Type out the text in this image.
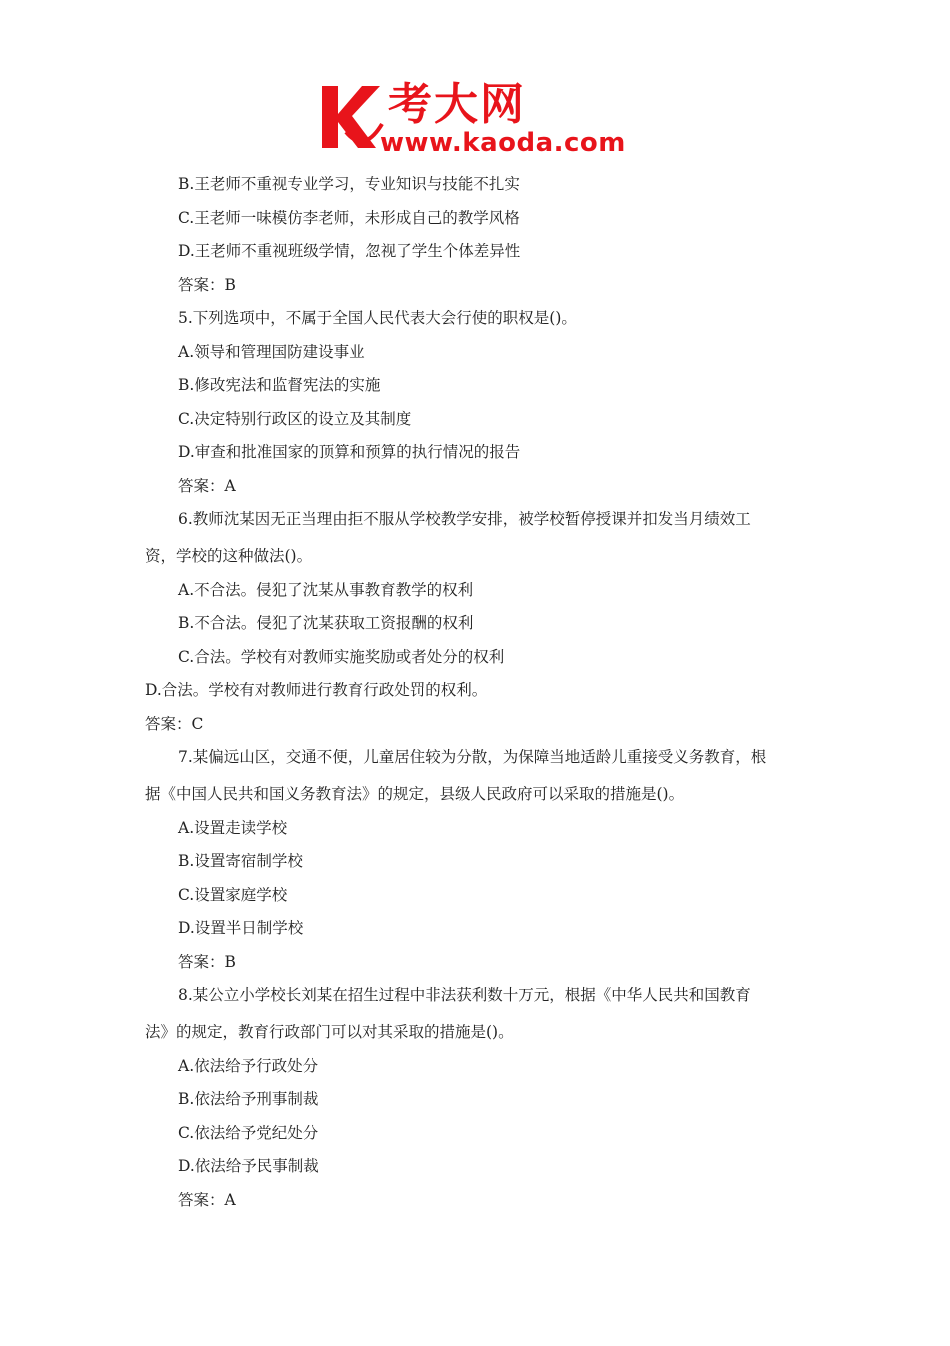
考大网
www.kaoda.com
B.王老师不重视专业学习，专业知识与技能不扎实
C.王老师一味模仿李老师，未形成自己的教学风格
D.王老师不重视班级学情，忽视了学生个体差异性
答案：B
5.下列选项中，不属于全国人民代表大会行使的职权是()。
A.领导和管理国防建设事业
B.修改宪法和监督宪法的实施
C.决定特别行政区的设立及其制度
D.审查和批准国家的顶算和预算的执行情况的报告
答案：A
6.教师沈某因无正当理由拒不服从学校教学安排，被学校暂停授课并扣发当月绩效工
资，学校的这种做法()。
A.不合法。侵犯了沈某从事教育教学的权利
B.不合法。侵犯了沈某获取工资报酬的权利
C.合法。学校有对教师实施奖励或者处分的权利
D.合法。学校有对教师进行教育行政处罚的权利。
答案：C
7.某偏远山区，交通不便，儿童居住较为分散，为保障当地适龄儿重接受义务教育，根
据《中国人民共和国义务教育法》的规定，县级人民政府可以采取的措施是()。
A.设置走读学校
B.设置寄宿制学校
C.设置家庭学校
D.设置半日制学校
答案：B
8.某公立小学校长刘某在招生过程中非法获利数十万元，根据《中华人民共和国教育
法》的规定，教育行政部门可以对其采取的措施是()。
A.依法给予行政处分
B.依法给予刑事制裁
C.依法给予党纪处分
D.依法给予民事制裁
答案：A
